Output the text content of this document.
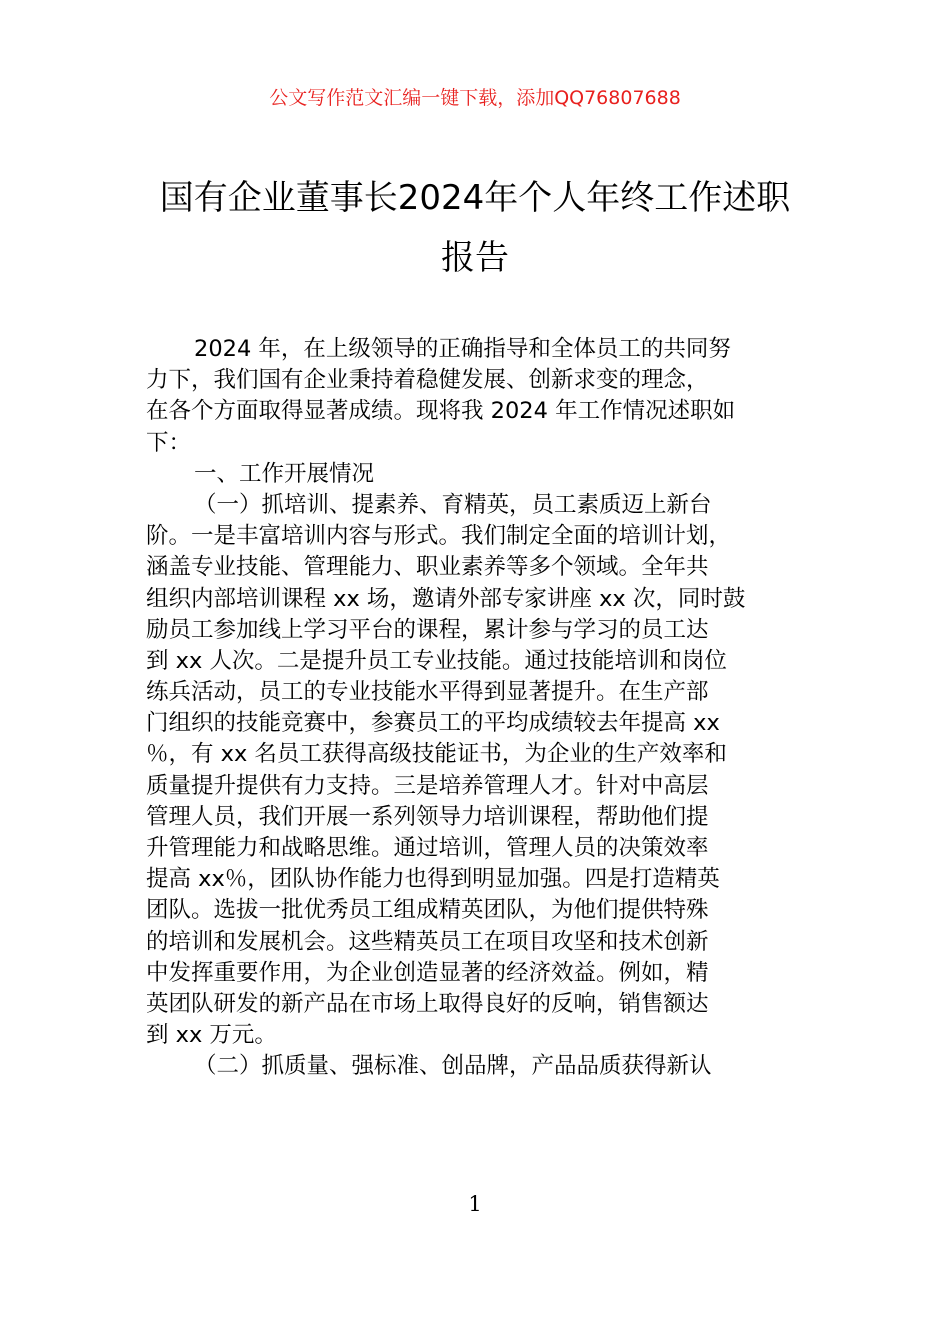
公文写作范文汇编一键下载，添加QQ76807688
国有企业董事长2024年个人年终工作述职
报告
2024 年，在上级领导的正确指导和全体员工的共同努
力下，我们国有企业秉持着稳健发展、创新求变的理念，
在各个方面取得显著成绩。现将我 2024 年工作情况述职如
下：
一、工作开展情况
（一）抓培训、提素养、育精英，员工素质迈上新台
阶。一是丰富培训内容与形式。我们制定全面的培训计划，
涵盖专业技能、管理能力、职业素养等多个领域。全年共
组织内部培训课程 xx 场，邀请外部专家讲座 xx 次，同时鼓
励员工参加线上学习平台的课程，累计参与学习的员工达
到 xx 人次。二是提升员工专业技能。通过技能培训和岗位
练兵活动，员工的专业技能水平得到显著提升。在生产部
门组织的技能竞赛中，参赛员工的平均成绩较去年提高 xx
％，有 xx 名员工获得高级技能证书，为企业的生产效率和
质量提升提供有力支持。三是培养管理人才。针对中高层
管理人员，我们开展一系列领导力培训课程，帮助他们提
升管理能力和战略思维。通过培训，管理人员的决策效率
提高 xx％，团队协作能力也得到明显加强。四是打造精英
团队。选拔一批优秀员工组成精英团队，为他们提供特殊
的培训和发展机会。这些精英员工在项目攻坚和技术创新
中发挥重要作用，为企业创造显著的经济效益。例如，精
英团队研发的新产品在市场上取得良好的反响，销售额达
到 xx 万元。
（二）抓质量、强标准、创品牌，产品品质获得新认
1
